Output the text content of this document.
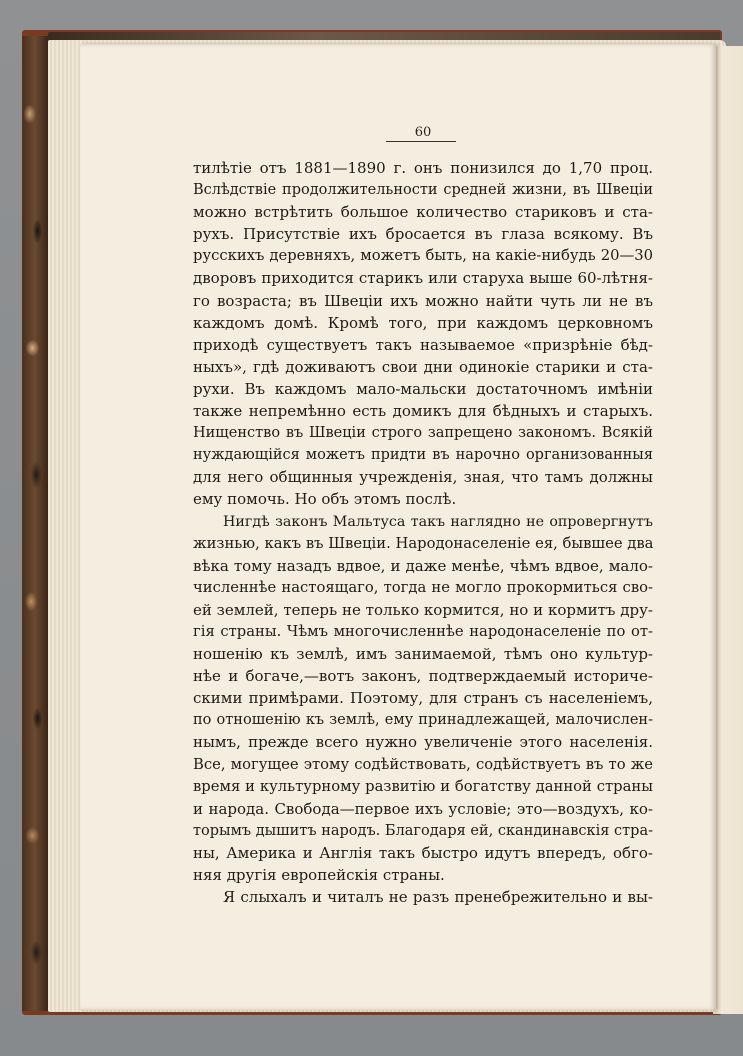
60
тилѣтіе отъ 1881—1890 г. онъ понизился до 1,70 проц.
Вслѣдствіе продолжительности средней жизни, въ Швеціи
можно встрѣтить большое количество стариковъ и ста-
рухъ. Присутствіе ихъ бросается въ глаза всякому. Въ
русскихъ деревняхъ, можетъ быть, на какіе-нибудь 20—30
дворовъ приходится старикъ или старуха выше 60-лѣтня-
го возраста; въ Швеціи ихъ можно найти чуть ли не въ
каждомъ домѣ. Кромѣ того, при каждомъ церковномъ
приходѣ существуетъ такъ называемое «призрѣніе бѣд-
ныхъ», гдѣ доживаютъ свои дни одинокіе старики и ста-
рухи. Въ каждомъ мало-мальски достаточномъ имѣніи
также непремѣнно есть домикъ для бѣдныхъ и старыхъ.
Нищенство въ Швеціи строго запрещено закономъ. Всякій
нуждающійся можетъ придти въ нарочно организованныя
для него общинныя учрежденія, зная, что тамъ должны
ему помочь. Но объ этомъ послѣ.
Нигдѣ законъ Мальтуса такъ наглядно не опровергнутъ
жизнью, какъ въ Швеціи. Народонаселеніе ея, бывшее два
вѣка тому назадъ вдвое, и даже менѣе, чѣмъ вдвое, мало-
численнѣе настоящаго, тогда не могло прокормиться сво-
ей землей, теперь не только кормится, но и кормитъ дру-
гія страны. Чѣмъ многочисленнѣе народонаселеніе по от-
ношенію къ землѣ, имъ занимаемой, тѣмъ оно культур-
нѣе и богаче,—вотъ законъ, подтверждаемый историче-
скими примѣрами. Поэтому, для странъ съ населеніемъ,
по отношенію къ землѣ, ему принадлежащей, малочислен-
нымъ, прежде всего нужно увеличеніе этого населенія.
Все, могущее этому содѣйствовать, содѣйствуетъ въ то же
время и культурному развитію и богатству данной страны
и народа. Свобода—первое ихъ условіе; это—воздухъ, ко-
торымъ дышитъ народъ. Благодаря ей, скандинавскія стра-
ны, Америка и Англія такъ быстро идутъ впередъ, обго-
няя другія европейскія страны.
Я слыхалъ и читалъ не разъ пренебрежительно и вы-
